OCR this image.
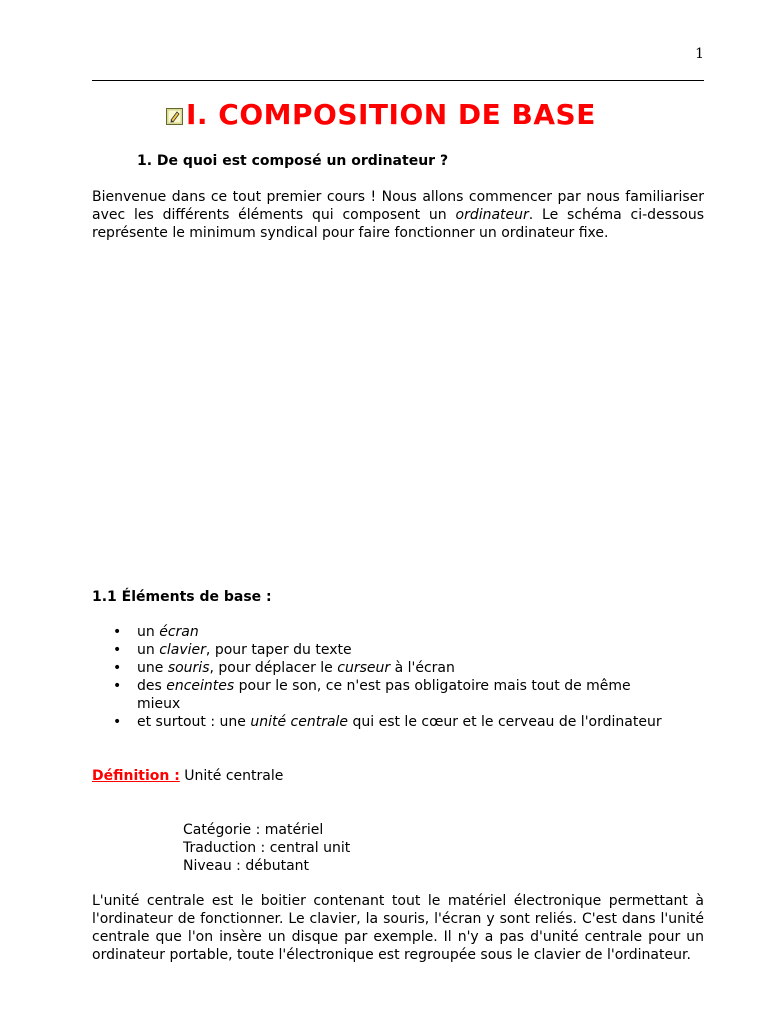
1
I. COMPOSITION DE BASE
1. De quoi est composé un ordinateur ?

Bienvenue dans ce tout premier cours ! Nous allons commencer par nous familiariser avec les différents éléments qui composent un ordinateur. Le schéma ci-dessous représente le minimum syndical pour faire fonctionner un ordinateur fixe.

1.1 Éléments de base :
• un écran
• un clavier, pour taper du texte
• une souris, pour déplacer le curseur à l'écran
• des enceintes pour le son, ce n'est pas obligatoire mais tout de même mieux
• et surtout : une unité centrale qui est le cœur et le cerveau de l'ordinateur
Définition : Unité centrale
Catégorie : matériel
Traduction : central unit
Niveau : débutant

L'unité centrale est le boitier contenant tout le matériel électronique permettant à l'ordinateur de fonctionner. Le clavier, la souris, l'écran y sont reliés. C'est dans l'unité centrale que l'on insère un disque par exemple. Il n'y a pas d'unité centrale pour un ordinateur portable, toute l'électronique est regroupée sous le clavier de l'ordinateur.
